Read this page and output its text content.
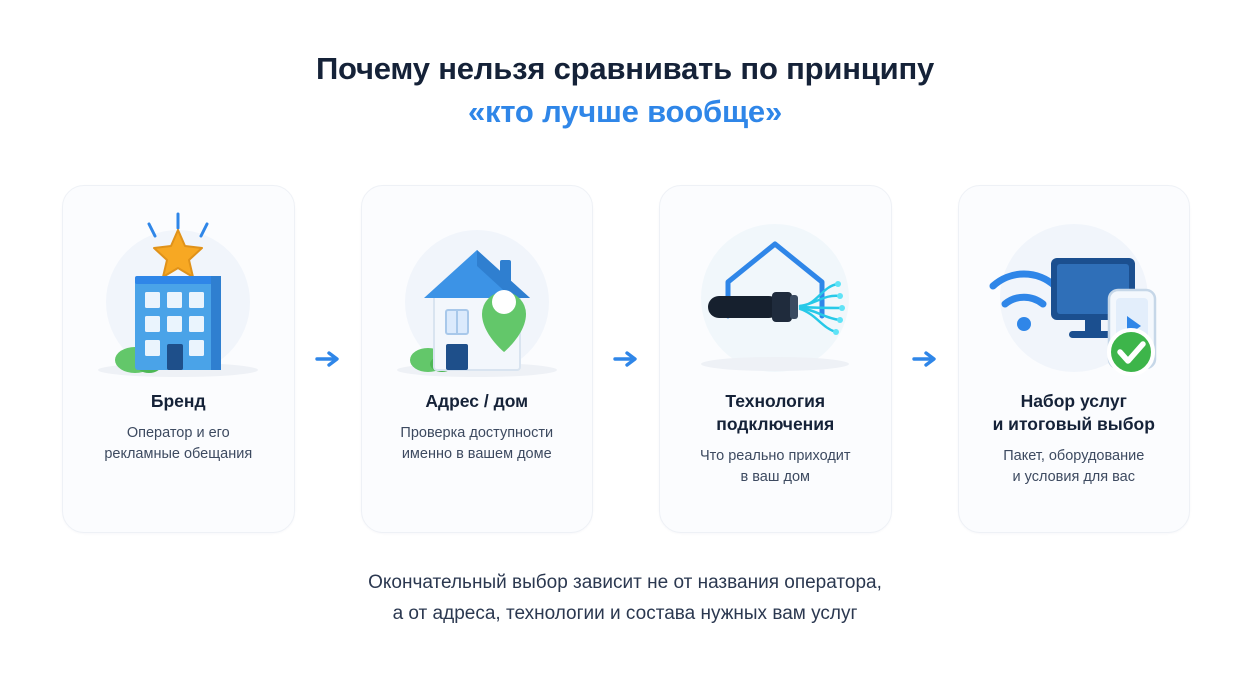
Почему нельзя сравнивать по принципу
«кто лучше вообще»
Бренд
Оператор и его
рекламные обещания
Адрес / дом
Проверка доступности
именно в вашем доме
Технология
подключения
Что реально приходит
в ваш дом
Набор услуг
и итоговый выбор
Пакет, оборудование
и условия для вас
Окончательный выбор зависит не от названия оператора,
а от адреса, технологии и состава нужных вам услуг
